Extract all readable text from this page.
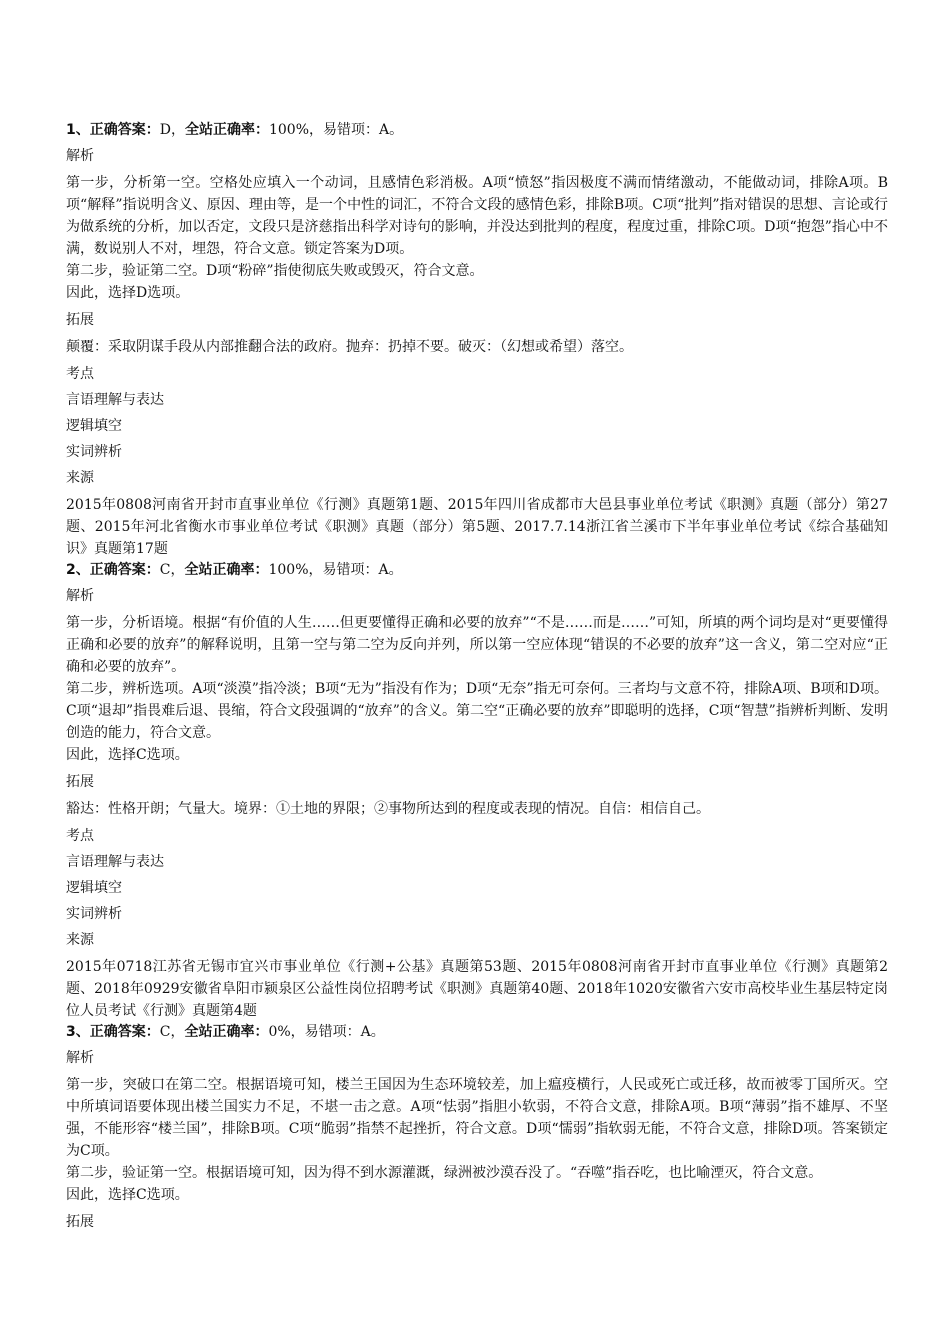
1、正确答案：D，全站正确率：100%，易错项：A。

解析

第一步，分析第一空。空格处应填入一个动词，且感情色彩消极。A项“愤怒”指因极度不满而情绪激动，不能做动词，排除A项。B项“解释”指说明含义、原因、理由等，是一个中性的词汇，不符合文段的感情色彩，排除B项。C项“批判”指对错误的思想、言论或行为做系统的分析，加以否定，文段只是济慈指出科学对诗句的影响，并没达到批判的程度，程度过重，排除C项。D项“抱怨”指心中不满，数说别人不对，埋怨，符合文意。锁定答案为D项。

第二步，验证第二空。D项“粉碎”指使彻底失败或毁灭，符合文意。

因此，选择D选项。

拓展

颠覆：采取阴谋手段从内部推翻合法的政府。抛弃：扔掉不要。破灭：（幻想或希望）落空。

考点

言语理解与表达

逻辑填空

实词辨析

来源

2015年0808河南省开封市直事业单位《行测》真题第1题、2015年四川省成都市大邑县事业单位考试《职测》真题（部分）第27题、2015年河北省衡水市事业单位考试《职测》真题（部分）第5题、2017.7.14浙江省兰溪市下半年事业单位考试《综合基础知识》真题第17题

2、正确答案：C，全站正确率：100%，易错项：A。

解析

第一步，分析语境。根据“有价值的人生……但更要懂得正确和必要的放弃”“不是……而是……”可知，所填的两个词均是对“更要懂得正确和必要的放弃”的解释说明，且第一空与第二空为反向并列，所以第一空应体现“错误的不必要的放弃”这一含义，第二空对应“正确和必要的放弃”。

第二步，辨析选项。A项“淡漠”指冷淡；B项“无为”指没有作为；D项“无奈”指无可奈何。三者均与文意不符，排除A项、B项和D项。C项“退却”指畏难后退、畏缩，符合文段强调的“放弃”的含义。第二空“正确必要的放弃”即聪明的选择，C项“智慧”指辨析判断、发明创造的能力，符合文意。

因此，选择C选项。

拓展

豁达：性格开朗；气量大。境界：①土地的界限；②事物所达到的程度或表现的情况。自信：相信自己。

考点

言语理解与表达

逻辑填空

实词辨析

来源

2015年0718江苏省无锡市宜兴市事业单位《行测+公基》真题第53题、2015年0808河南省开封市直事业单位《行测》真题第2题、2018年0929安徽省阜阳市颍泉区公益性岗位招聘考试《职测》真题第40题、2018年1020安徽省六安市高校毕业生基层特定岗位人员考试《行测》真题第4题

3、正确答案：C，全站正确率：0%，易错项：A。

解析

第一步，突破口在第二空。根据语境可知，楼兰王国因为生态环境较差，加上瘟疫横行，人民或死亡或迁移，故而被零丁国所灭。空中所填词语要体现出楼兰国实力不足，不堪一击之意。A项“怯弱”指胆小软弱，不符合文意，排除A项。B项“薄弱”指不雄厚、不坚强，不能形容“楼兰国”，排除B项。C项“脆弱”指禁不起挫折，符合文意。D项“懦弱”指软弱无能，不符合文意，排除D项。答案锁定为C项。

第二步，验证第一空。根据语境可知，因为得不到水源灌溉，绿洲被沙漠吞没了。“吞噬”指吞吃，也比喻湮灭，符合文意。

因此，选择C选项。

拓展
